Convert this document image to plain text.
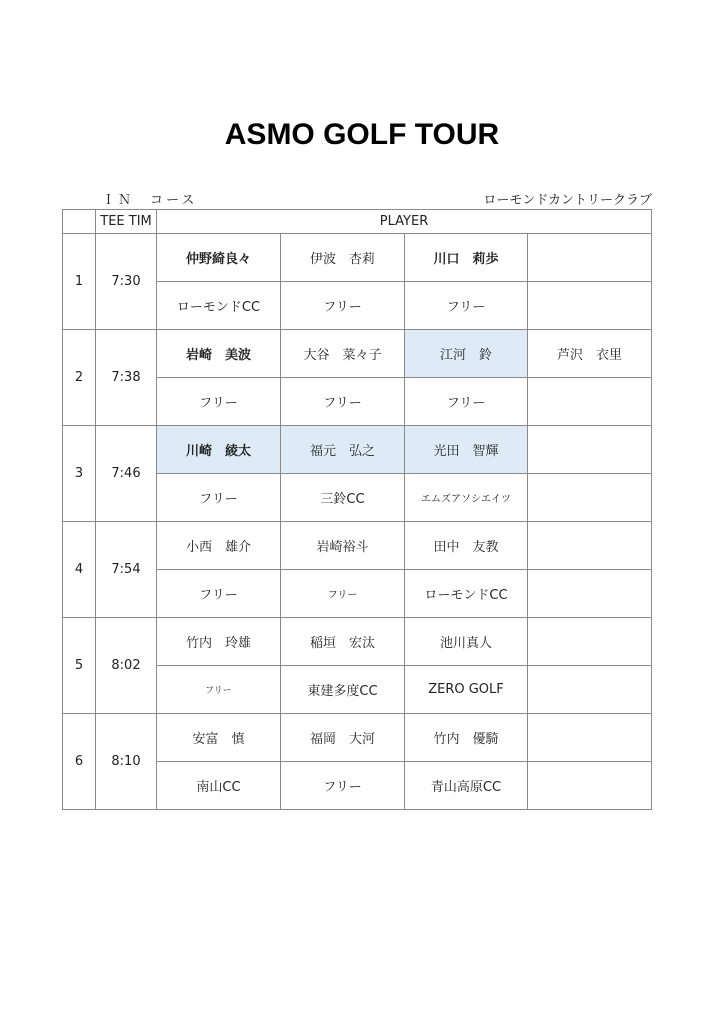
ASMO GOLF TOUR
ＩＮ　コース	ローモンドカントリークラブ
	TEE TIM	PLAYER			
1	7:30	仲野綺良々	伊波　杏莉	川口　莉歩	
		ローモンドCC	フリー	フリー	
2	7:38	岩崎　美波	大谷　菜々子	江河　鈴	芦沢　衣里
		フリー	フリー	フリー	
3	7:46	川崎　綾太	福元　弘之	光田　智輝	
		フリー	三鈴CC	エムズアソシエイツ	
4	7:54	小西　雄介	岩崎裕斗	田中　友教	
		フリー	フリー	ローモンドCC	
5	8:02	竹内　玲雄	稲垣　宏汰	池川真人	
		フリー	東建多度CC	ZERO GOLF	
6	8:10	安富　慎	福岡　大河	竹内　優騎	
		南山CC	フリー	青山高原CC	
